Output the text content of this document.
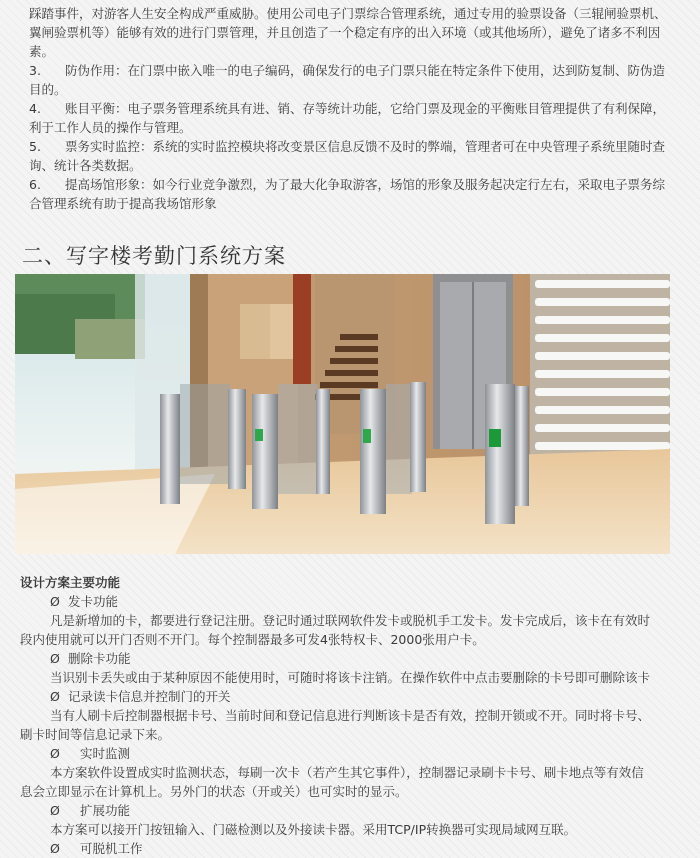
踩踏事件，对游客人生安全构成严重威胁。使用公司电子门票综合管理系统，通过专用的验票设备（三辊闸验票机、

翼闸验票机等）能够有效的进行门票管理，并且创造了一个稳定有序的出入环境（或其他场所），避免了诸多不利因

素。

3. 防伪作用：在门票中嵌入唯一的电子编码，确保发行的电子门票只能在特定条件下使用，达到防复制、防伪造

目的。

4. 账目平衡：电子票务管理系统具有进、销、存等统计功能，它给门票及现金的平衡账目管理提供了有利保障，

利于工作人员的操作与管理。

5. 票务实时监控：系统的实时监控模块将改变景区信息反馈不及时的弊端，管理者可在中央管理子系统里随时查

询、统计各类数据。

6. 提高场馆形象：如今行业竞争激烈，为了最大化争取游客，场馆的形象及服务起决定行左右，采取电子票务综

合管理系统有助于提高我场馆形象

二、写字楼考勤门系统方案

设计方案主要功能

Ø 发卡功能

凡是新增加的卡，都要进行登记注册。登记时通过联网软件发卡或脱机手工发卡。发卡完成后，该卡在有效时

段内使用就可以开门否则不开门。每个控制器最多可发4张特权卡、2000张用户卡。

Ø 删除卡功能

当识别卡丢失或由于某种原因不能使用时，可随时将该卡注销。在操作软件中点击要删除的卡号即可删除该卡

Ø 记录读卡信息并控制门的开关

当有人刷卡后控制器根据卡号、当前时间和登记信息进行判断该卡是否有效，控制开锁或不开。同时将卡号、

刷卡时间等信息记录下来。

Ø 实时监测

本方案软件设置成实时监测状态，每刷一次卡（若产生其它事件），控制器记录刷卡卡号、刷卡地点等有效信

息会立即显示在计算机上。另外门的状态（开或关）也可实时的显示。

Ø 扩展功能

本方案可以接开门按钮输入、门磁检测以及外接读卡器。采用TCP/IP转换器可实现局域网互联。

Ø 可脱机工作
